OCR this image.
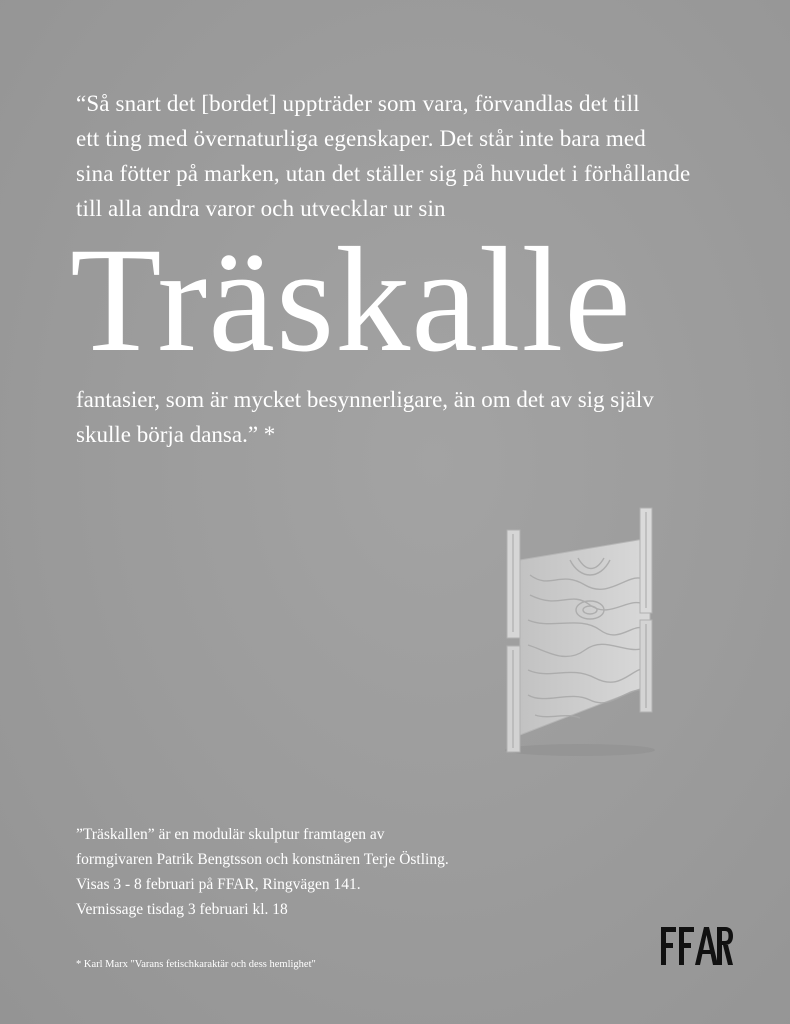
“Så snart det [bordet] uppträder som vara, förvandlas det till
ett ting med övernaturliga egenskaper. Det står inte bara med
sina fötter på marken, utan det ställer sig på huvudet i förhållande
till alla andra varor och utvecklar ur sin
Träskalle
fantasier, som är mycket besynnerligare, än om det av sig själv
skulle börja dansa.” *
”Träskallen” är en modulär skulptur framtagen av
formgivaren Patrik Bengtsson och konstnären Terje Östling.
Visas 3 - 8 februari på FFAR, Ringvägen 141.
Vernissage tisdag 3 februari kl. 18
* Karl Marx "Varans fetischkaraktär och dess hemlighet"
